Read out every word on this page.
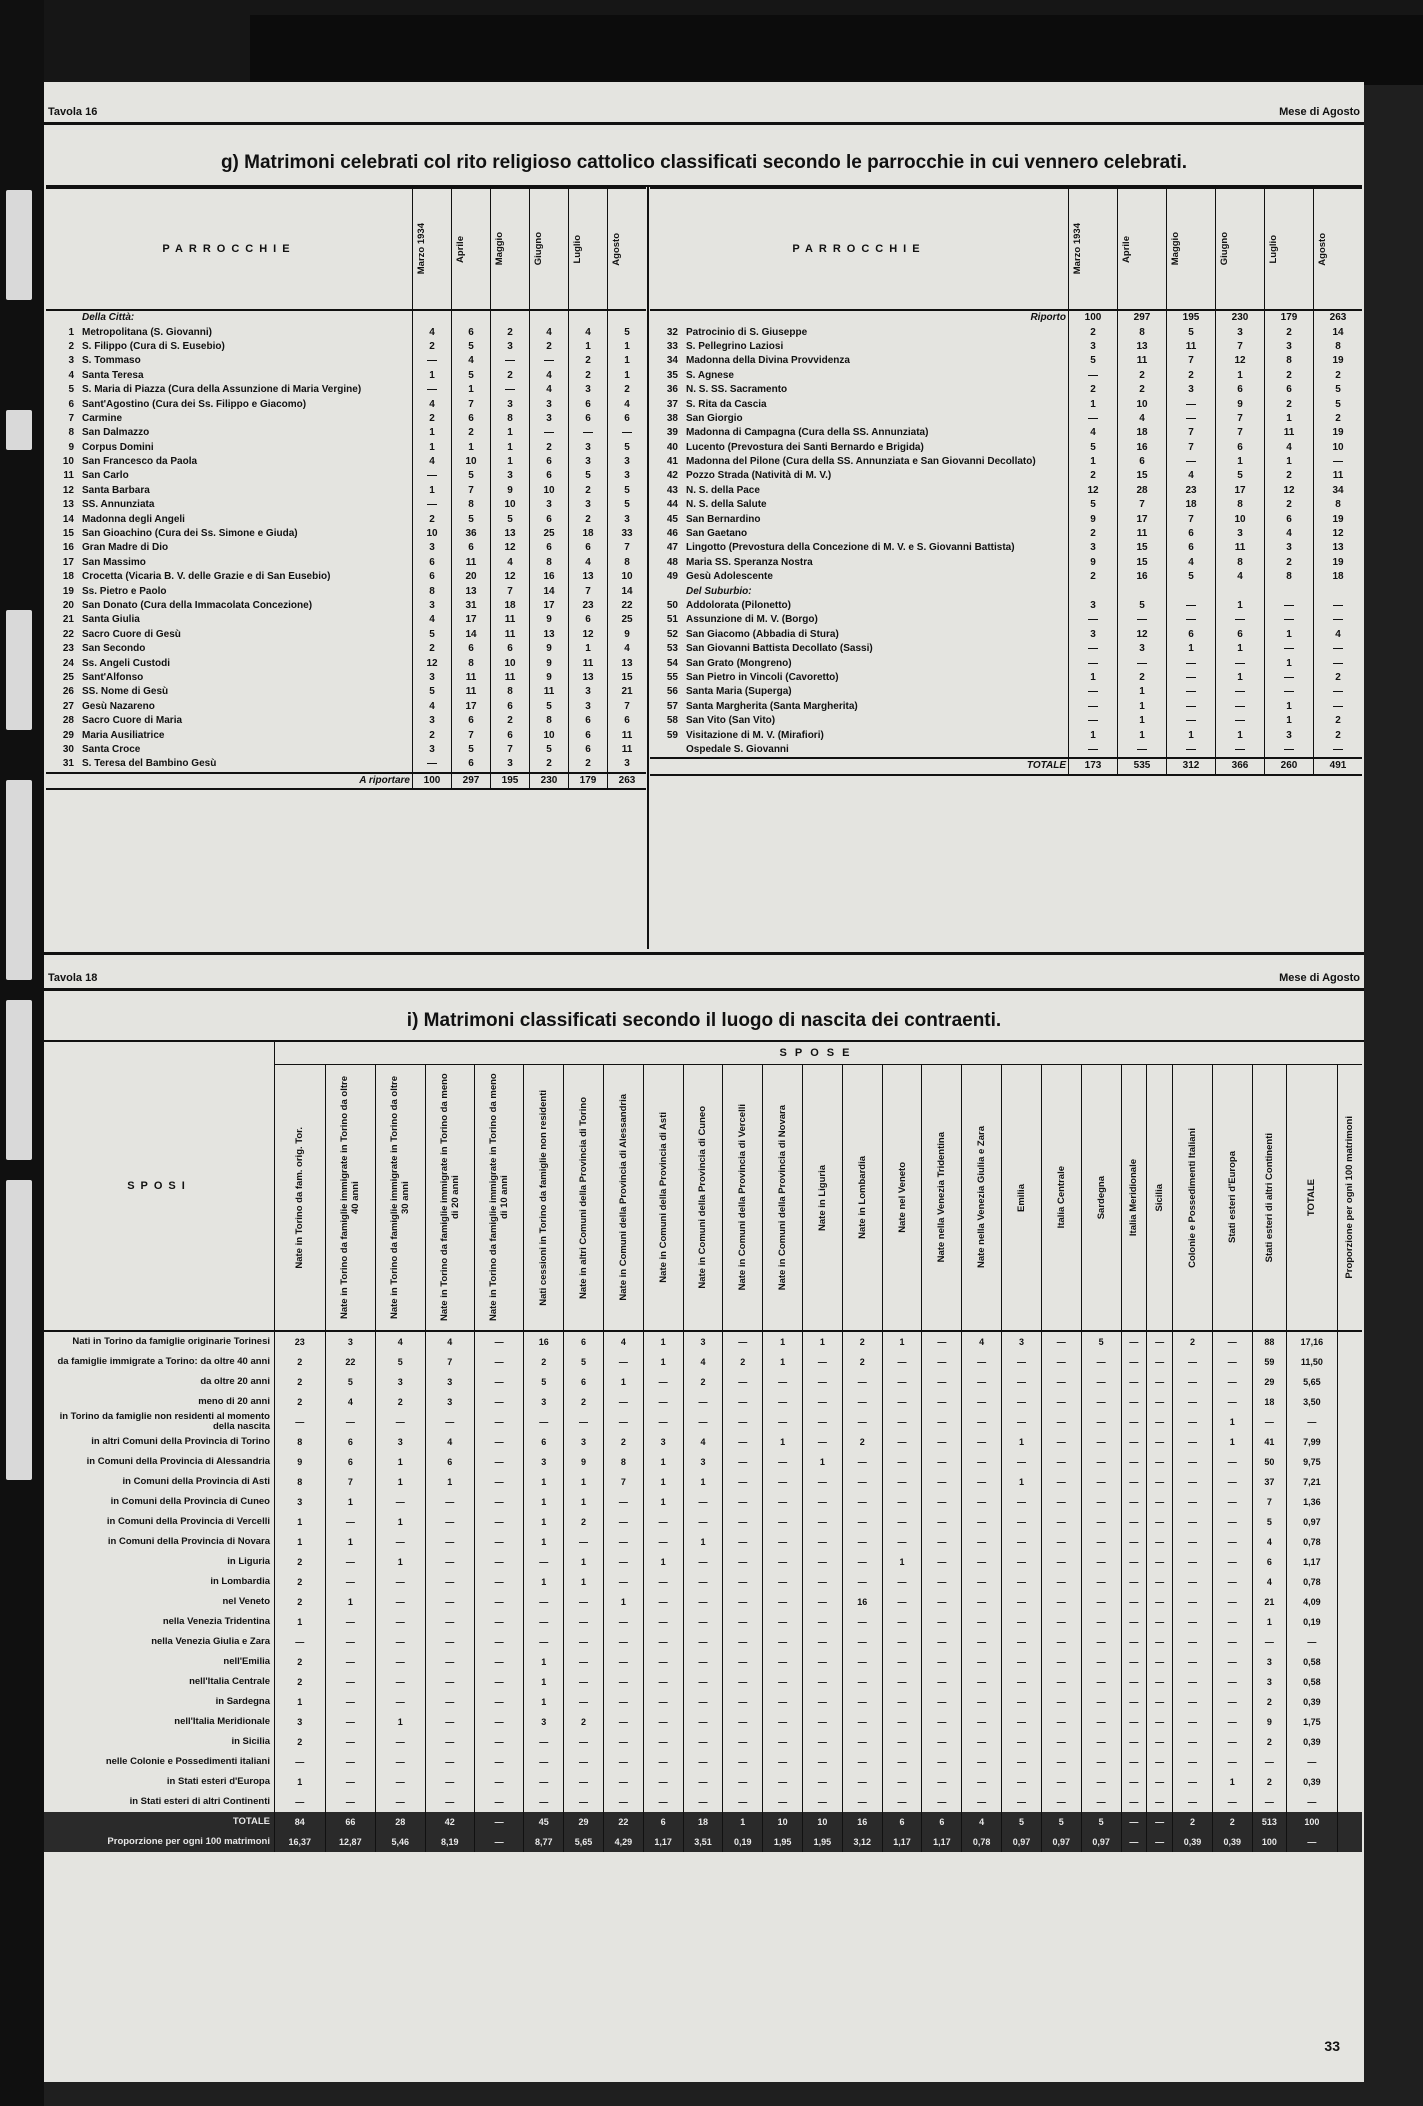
Tavola 16	Mese di Agosto
g) Matrimoni celebrati col rito religioso cattolico classificati secondo le parrocchie in cui vennero celebrati.
PARROCCHIE		Marzo 1934	Aprile	Maggio	Giugno	Luglio	Agosto

	Della Città:						
1	Metropolitana (S. Giovanni)	4	6	2	4	4	5
2	S. Filippo (Cura di S. Eusebio)	2	5	3	2	1	1
3	S. Tommaso	—	4	—	—	2	1
4	Santa Teresa	1	5	2	4	2	1
5	S. Maria di Piazza (Cura della Assunzione di Maria Vergine)	—	1	—	4	3	2
6	Sant'Agostino (Cura dei Ss. Filippo e Giacomo)	4	7	3	3	6	4
7	Carmine	2	6	8	3	6	6
8	San Dalmazzo	1	2	1	—	—	—
9	Corpus Domini	1	1	1	2	3	5
10	San Francesco da Paola	4	10	1	6	3	3
11	San Carlo	—	5	3	6	5	3
12	Santa Barbara	1	7	9	10	2	5
13	SS. Annunziata	—	8	10	3	3	5
14	Madonna degli Angeli	2	5	5	6	2	3
15	San Gioachino (Cura dei Ss. Simone e Giuda)	10	36	13	25	18	33
16	Gran Madre di Dio	3	6	12	6	6	7
17	San Massimo	6	11	4	8	4	8
18	Crocetta (Vicaria B. V. delle Grazie e di San Eusebio)	6	20	12	16	13	10
19	Ss. Pietro e Paolo	8	13	7	14	7	14
20	San Donato (Cura della Immacolata Concezione)	3	31	18	17	23	22
21	Santa Giulia	4	17	11	9	6	25
22	Sacro Cuore di Gesù	5	14	11	13	12	9
23	San Secondo	2	6	6	9	1	4
24	Ss. Angeli Custodi	12	8	10	9	11	13
25	Sant'Alfonso	3	11	11	9	13	15
26	SS. Nome di Gesù	5	11	8	11	3	21
27	Gesù Nazareno	4	17	6	5	3	7
28	Sacro Cuore di Maria	3	6	2	8	6	6
29	Maria Ausiliatrice	2	7	6	10	6	11
30	Santa Croce	3	5	7	5	6	11
31	S. Teresa del Bambino Gesù	—	6	3	2	2	3
	A riportare	100	297	195	230	179	263
PARROCCHIE		Marzo 1934	Aprile	Maggio	Giugno	Luglio	Agosto

	Riporto	100	297	195	230	179	263
32	Patrocinio di S. Giuseppe	2	8	5	3	2	14
33	S. Pellegrino Laziosi	3	13	11	7	3	8
34	Madonna della Divina Provvidenza	5	11	7	12	8	19
35	S. Agnese	—	2	2	1	2	2
36	N. S. SS. Sacramento	2	2	3	6	6	5
37	S. Rita da Cascia	1	10	—	9	2	5
38	San Giorgio	—	4	—	7	1	2
39	Madonna di Campagna (Cura della SS. Annunziata)	4	18	7	7	11	19
40	Lucento (Prevostura dei Santi Bernardo e Brigida)	5	16	7	6	4	10
41	Madonna del Pilone (Cura della SS. Annunziata e San Giovanni Decollato)	1	6	—	1	1	—
42	Pozzo Strada (Natività di M. V.)	2	15	4	5	2	11
43	N. S. della Pace	12	28	23	17	12	34
44	N. S. della Salute	5	7	18	8	2	8
45	San Bernardino	9	17	7	10	6	19
46	San Gaetano	2	11	6	3	4	12
47	Lingotto (Prevostura della Concezione di M. V. e S. Giovanni Battista)	3	15	6	11	3	13
48	Maria SS. Speranza Nostra	9	15	4	8	2	19
49	Gesù Adolescente	2	16	5	4	8	18
	Del Suburbio:						
50	Addolorata (Pilonetto)	3	5	—	1	—	—
51	Assunzione di M. V. (Borgo)	—	—	—	—	—	—
52	San Giacomo (Abbadia di Stura)	3	12	6	6	1	4
53	San Giovanni Battista Decollato (Sassi)	—	3	1	1	—	—
54	San Grato (Mongreno)	—	—	—	—	1	—
55	San Pietro in Vincoli (Cavoretto)	1	2	—	1	—	2
56	Santa Maria (Superga)	—	1	—	—	—	—
57	Santa Margherita (Santa Margherita)	—	1	—	—	1	—
58	San Vito (San Vito)	—	1	—	—	1	2
59	Visitazione di M. V. (Mirafiori)	1	1	1	1	3	2
	Ospedale S. Giovanni	—	—	—	—	—	—
	TOTALE	173	535	312	366	260	491
Tavola 18	Mese di Agosto
i) Matrimoni classificati secondo il luogo di nascita dei contraenti.
SPOSI	SPOSE																										

	Nate in Torino da fam. orig. Tor.	Nate in Torino da famiglie immigrate in Torino da oltre 40 anni	Nate in Torino da famiglie immigrate in Torino da oltre 30 anni	Nate in Torino da famiglie immigrate in Torino da meno di 20 anni	Nate in Torino da famiglie immigrate in Torino da meno di 10 anni	Nati cessioni in Torino da famiglie non residenti	Nate in altri Comuni della Provincia di Torino	Nate in Comuni della Provincia di Alessandria	Nate in Comuni della Provincia di Asti	Nate in Comuni della Provincia di Cuneo	Nate in Comuni della Provincia di Vercelli	Nate in Comuni della Provincia di Novara	Nate in Liguria	Nate in Lombardia	Nate nel Veneto	Nate nella Venezia Tridentina	Nate nella Venezia Giulia e Zara	Emilia	Italia Centrale	Sardegna	Italia Meridionale	Sicilia	Colonie e Possedimenti Italiani	Stati esteri d'Europa	Stati esteri di altri Continenti	TOTALE	Proporzione per ogni 100 matrimoni

Nati in Torino da famiglie originarie Torinesi	23	3	4	4	—	16	6	4	1	3	—	1	1	2	1	—	4	3	—	5	—	—	2	—	88	17,16	
da famiglie immigrate a Torino: da oltre 40 anni	2	22	5	7	—	2	5	—	1	4	2	1	—	2	—	—	—	—	—	—	—	—	—	—	59	11,50	
da oltre 20 anni	2	5	3	3	—	5	6	1	—	2	—	—	—	—	—	—	—	—	—	—	—	—	—	—	29	5,65	
meno di 20 anni	2	4	2	3	—	3	2	—	—	—	—	—	—	—	—	—	—	—	—	—	—	—	—	—	18	3,50	
in Torino da famiglie non residenti al momento della nascita	—	—	—	—	—	—	—	—	—	—	—	—	—	—	—	—	—	—	—	—	—	—	—	1	—	—	
in altri Comuni della Provincia di Torino	8	6	3	4	—	6	3	2	3	4	—	1	—	2	—	—	—	1	—	—	—	—	—	1	41	7,99	
in Comuni della Provincia di Alessandria	9	6	1	6	—	3	9	8	1	3	—	—	1	—	—	—	—	—	—	—	—	—	—	—	50	9,75	
in Comuni della Provincia di Asti	8	7	1	1	—	1	1	7	1	1	—	—	—	—	—	—	—	1	—	—	—	—	—	—	37	7,21	
in Comuni della Provincia di Cuneo	3	1	—	—	—	1	1	—	1	—	—	—	—	—	—	—	—	—	—	—	—	—	—	—	7	1,36	
in Comuni della Provincia di Vercelli	1	—	1	—	—	1	2	—	—	—	—	—	—	—	—	—	—	—	—	—	—	—	—	—	5	0,97	
in Comuni della Provincia di Novara	1	1	—	—	—	1	—	—	—	1	—	—	—	—	—	—	—	—	—	—	—	—	—	—	4	0,78	
in Liguria	2	—	1	—	—	—	1	—	1	—	—	—	—	—	1	—	—	—	—	—	—	—	—	—	6	1,17	
in Lombardia	2	—	—	—	—	1	1	—	—	—	—	—	—	—	—	—	—	—	—	—	—	—	—	—	4	0,78	
nel Veneto	2	1	—	—	—	—	—	1	—	—	—	—	—	16	—	—	—	—	—	—	—	—	—	—	21	4,09	
nella Venezia Tridentina	1	—	—	—	—	—	—	—	—	—	—	—	—	—	—	—	—	—	—	—	—	—	—	—	1	0,19	
nella Venezia Giulia e Zara	—	—	—	—	—	—	—	—	—	—	—	—	—	—	—	—	—	—	—	—	—	—	—	—	—	—	
nell'Emilia	2	—	—	—	—	1	—	—	—	—	—	—	—	—	—	—	—	—	—	—	—	—	—	—	3	0,58	
nell'Italia Centrale	2	—	—	—	—	1	—	—	—	—	—	—	—	—	—	—	—	—	—	—	—	—	—	—	3	0,58	
in Sardegna	1	—	—	—	—	1	—	—	—	—	—	—	—	—	—	—	—	—	—	—	—	—	—	—	2	0,39	
nell'Italia Meridionale	3	—	1	—	—	3	2	—	—	—	—	—	—	—	—	—	—	—	—	—	—	—	—	—	9	1,75	
in Sicilia	2	—	—	—	—	—	—	—	—	—	—	—	—	—	—	—	—	—	—	—	—	—	—	—	2	0,39	
nelle Colonie e Possedimenti italiani	—	—	—	—	—	—	—	—	—	—	—	—	—	—	—	—	—	—	—	—	—	—	—	—	—	—	
in Stati esteri d'Europa	1	—	—	—	—	—	—	—	—	—	—	—	—	—	—	—	—	—	—	—	—	—	—	1	2	0,39	
in Stati esteri di altri Continenti	—	—	—	—	—	—	—	—	—	—	—	—	—	—	—	—	—	—	—	—	—	—	—	—	—	—	
TOTALE	84	66	28	42	—	45	29	22	6	18	1	10	10	16	6	6	4	5	5	5	—	—	2	2	513	100	
Proporzione per ogni 100 matrimoni	16,37	12,87	5,46	8,19	—	8,77	5,65	4,29	1,17	3,51	0,19	1,95	1,95	3,12	1,17	1,17	0,78	0,97	0,97	0,97	—	—	0,39	0,39	100	—	
33
